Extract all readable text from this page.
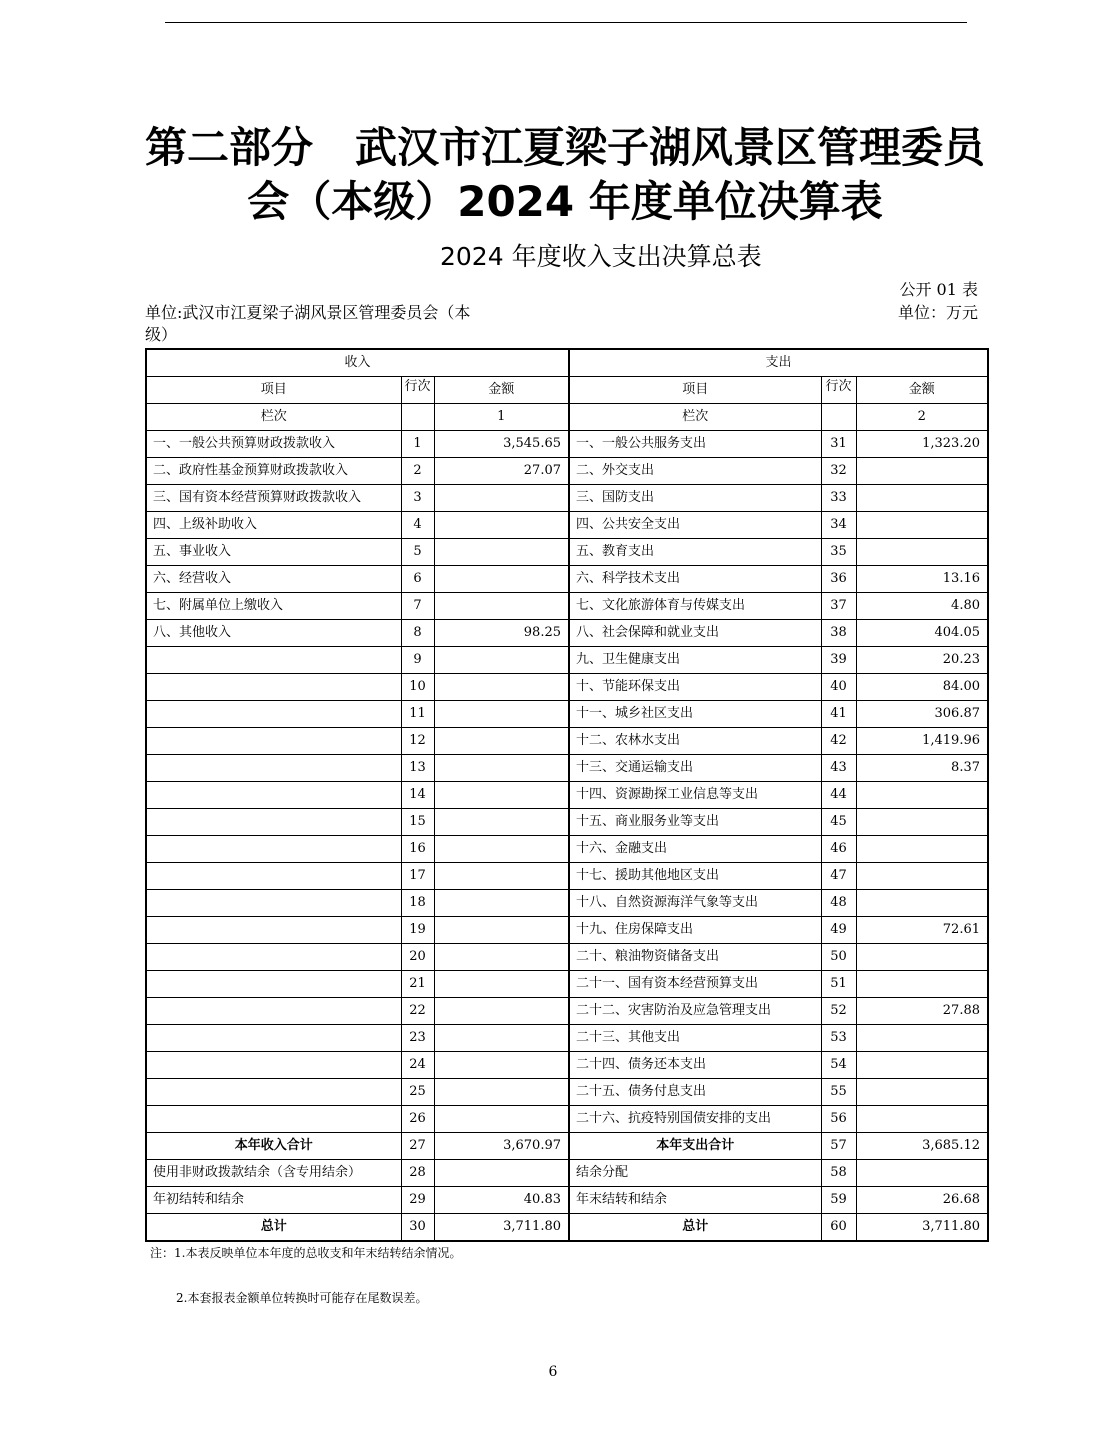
第二部分　武汉市江夏梁子湖风景区管理委员
会（本级）2024 年度单位决算表
2024 年度收入支出决算总表
公开 01 表
单位:武汉市江夏梁子湖风景区管理委员会（本级）
单位：万元
收入			支出		
项目	行次	金额	项目	行次	金额
栏次		1	栏次		2
一、一般公共预算财政拨款收入	1	3,545.65	一、一般公共服务支出	31	1,323.20
二、政府性基金预算财政拨款收入	2	27.07	二、外交支出	32	
三、国有资本经营预算财政拨款收入	3		三、国防支出	33	
四、上级补助收入	4		四、公共安全支出	34	
五、事业收入	5		五、教育支出	35	
六、经营收入	6		六、科学技术支出	36	13.16
七、附属单位上缴收入	7		七、文化旅游体育与传媒支出	37	4.80
八、其他收入	8	98.25	八、社会保障和就业支出	38	404.05
	9		九、卫生健康支出	39	20.23
	10		十、节能环保支出	40	84.00
	11		十一、城乡社区支出	41	306.87
	12		十二、农林水支出	42	1,419.96
	13		十三、交通运输支出	43	8.37
	14		十四、资源勘探工业信息等支出	44	
	15		十五、商业服务业等支出	45	
	16		十六、金融支出	46	
	17		十七、援助其他地区支出	47	
	18		十八、自然资源海洋气象等支出	48	
	19		十九、住房保障支出	49	72.61
	20		二十、粮油物资储备支出	50	
	21		二十一、国有资本经营预算支出	51	
	22		二十二、灾害防治及应急管理支出	52	27.88
	23		二十三、其他支出	53	
	24		二十四、债务还本支出	54	
	25		二十五、债务付息支出	55	
	26		二十六、抗疫特别国债安排的支出	56	
本年收入合计	27	3,670.97	本年支出合计	57	3,685.12
使用非财政拨款结余（含专用结余）	28		结余分配	58	
年初结转和结余	29	40.83	年末结转和结余	59	26.68
总计	30	3,711.80	总计	60	3,711.80
注：1.本表反映单位本年度的总收支和年末结转结余情况。
2.本套报表金额单位转换时可能存在尾数误差。
6
